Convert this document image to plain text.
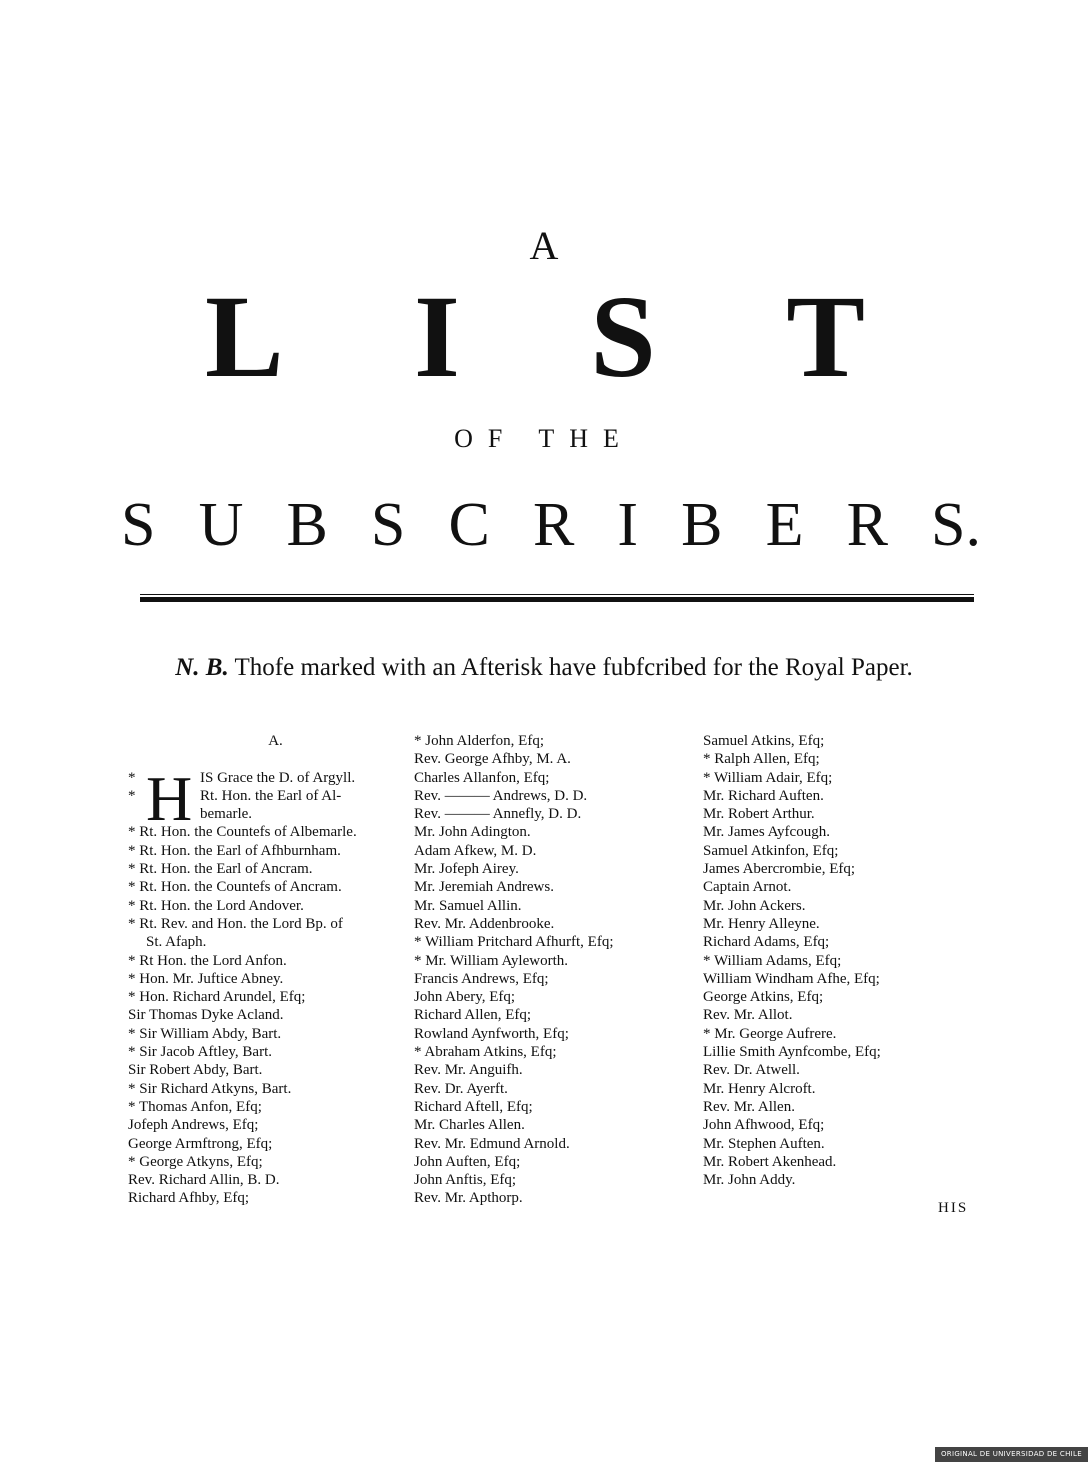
A
L I S T
OF THE
S U B S C R I B E R S.
N. B. Thofe marked with an Afterisk have fubfcribed for the Royal Paper.
A.
* H IS Grace the D. of Argyll.
*	Rt. Hon. the Earl of Al-
bemarle.
* Rt. Hon. the Countefs of Albemarle.
* Rt. Hon. the Earl of Afhburnham.
* Rt. Hon. the Earl of Ancram.
* Rt. Hon. the Countefs of Ancram.
* Rt. Hon. the Lord Andover.
* Rt. Rev. and Hon. the Lord Bp. of
St. Afaph.
* Rt Hon. the Lord Anfon.
* Hon. Mr. Juftice Abney.
* Hon. Richard Arundel, Efq;
Sir Thomas Dyke Acland.
* Sir William Abdy, Bart.
* Sir Jacob Aftley, Bart.
Sir Robert Abdy, Bart.
* Sir Richard Atkyns, Bart.
* Thomas Anfon, Efq;
Jofeph Andrews, Efq;
George Armftrong, Efq;
* George Atkyns, Efq;
Rev. Richard Allin, B. D.
Richard Afhby, Efq;
* John Alderfon, Efq;
Rev. George Afhby, M. A.
Charles Allanfon, Efq;
Rev. ——— Andrews, D. D.
Rev. ——— Annefly, D. D.
Mr. John Adington.
Adam Afkew, M. D.
Mr. Jofeph Airey.
Mr. Jeremiah Andrews.
Mr. Samuel Allin.
Rev. Mr. Addenbrooke.
* William Pritchard Afhurft, Efq;
* Mr. William Ayleworth.
Francis Andrews, Efq;
John Abery, Efq;
Richard Allen, Efq;
Rowland Aynfworth, Efq;
* Abraham Atkins, Efq;
Rev. Mr. Anguifh.
Rev. Dr. Ayerft.
Richard Aftell, Efq;
Mr. Charles Allen.
Rev. Mr. Edmund Arnold.
John Auften, Efq;
John Anftis, Efq;
Rev. Mr. Apthorp.
Samuel Atkins, Efq;
* Ralph Allen, Efq;
* William Adair, Efq;
Mr. Richard Auften.
Mr. Robert Arthur.
Mr. James Ayfcough.
Samuel Atkinfon, Efq;
James Abercrombie, Efq;
Captain Arnot.
Mr. John Ackers.
Mr. Henry Alleyne.
Richard Adams, Efq;
* William Adams, Efq;
William Windham Afhe, Efq;
George Atkins, Efq;
Rev. Mr. Allot.
* Mr. George Aufrere.
Lillie Smith Aynfcombe, Efq;
Rev. Dr. Atwell.
Mr. Henry Alcroft.
Rev. Mr. Allen.
John Afhwood, Efq;
Mr. Stephen Auften.
Mr. Robert Akenhead.
Mr. John Addy.
HIS
ORIGINAL DE UNIVERSIDAD DE CHILE
